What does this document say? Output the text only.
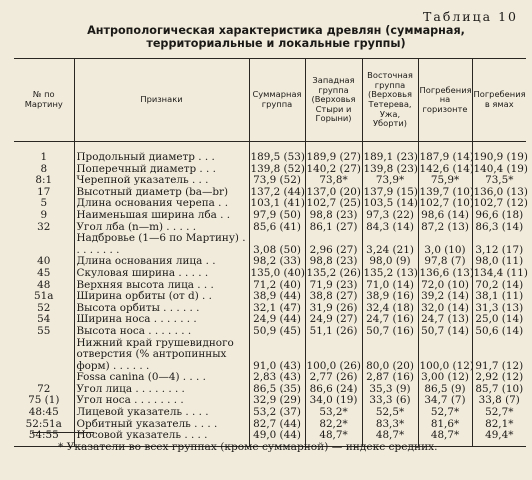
Таблица 10
Антропологическая характеристика древлян (суммарная, территориальные и локальные группы)
№ по Мартину	Признаки	Суммарная группа	Западная группа (Верховья Стыри и Горыни)	Восточная группа (Верховья Тетерева, Ужа, Уборти)	Погребения на горизонте	Погребения в ямах
1	Продольный диаметр . . .	189,5 (53)	189,9 (27)	189,1 (23)	187,9 (14)	190,9 (19)
8	Поперечный диаметр . . .	139,8 (52)	140,2 (27)	139,8 (23)	142,6 (14)	140,4 (19)
8:1	Черепной указатель . . .	73,9 (52)	73,8*	73,9*	75,9*	73,5*
17	Высотный диаметр (ba—br)	137,2 (44)	137,0 (20)	137,9 (15)	139,7 (10)	136,0 (13)
5	Длина основания черепа . .	103,1 (41)	102,7 (25)	103,5 (14)	102,7 (10)	102,7 (12)
9	Наименьшая ширина лба . .	97,9 (50)	98,8 (23)	97,3 (22)	98,6 (14)	96,6 (18)
32	Угол лба (n—m) . . . . .	85,6 (41)	86,1 (27)	84,3 (14)	87,2 (13)	86,3 (14)
	Надбровье (1—6 по Мартину) . . . . . . . .	3,08 (50)	2,96 (27)	3,24 (21)	3,0 (10)	3,12 (17)
40	Длина основания лица . .	98,2 (33)	98,8 (23)	98,0 (9)	97,8 (7)	98,0 (11)
45	Скуловая ширина . . . . .	135,0 (40)	135,2 (26)	135,2 (13)	136,6 (13)	134,4 (11)
48	Верхняя высота лица . . .	71,2 (40)	71,9 (23)	71,0 (14)	72,0 (10)	70,2 (14)
51а	Ширина орбиты (от d) . .	38,9 (44)	38,8 (27)	38,9 (16)	39,2 (14)	38,1 (11)
52	Высота орбиты . . . . . .	32,1 (47)	31,9 (26)	32,4 (18)	32,0 (14)	31,3 (13)
54	Ширина носа . . . . . . .	24,9 (44)	24,9 (27)	24,7 (16)	24,7 (13)	25,0 (14)
55	Высота носа . . . . . . .	50,9 (45)	51,1 (26)	50,7 (16)	50,7 (14)	50,6 (14)
	Нижний край грушевидного отверстия (% антропинных форм) . . . . . .	91,0 (43)	100,0 (26)	80,0 (20)	100,0 (12)	91,7 (12)
	Fossa canina (0—4) . . . .	2,83 (43)	2,77 (26)	2,87 (16)	3,00 (12)	2,92 (12)
72	Угол лица . . . . . . . .	86,5 (35)	86,6 (24)	35,3 (9)	86,5 (9)	85,7 (10)
75 (1)	Угол носа . . . . . . . .	32,9 (29)	34,0 (19)	33,3 (6)	34,7 (7)	33,8 (7)
48:45	Лицевой указатель . . . .	53,2 (37)	53,2*	52,5*	52,7*	52,7*
52:51а	Орбитный указатель . . . .	82,7 (44)	82,2*	83,3*	81,6*	82,1*
54:55	Носовой указатель . . . .	49,0 (44)	48,7*	48,7*	48,7*	49,4*
* Указатели во всех группах (кроме суммарной) — индекс средних.
